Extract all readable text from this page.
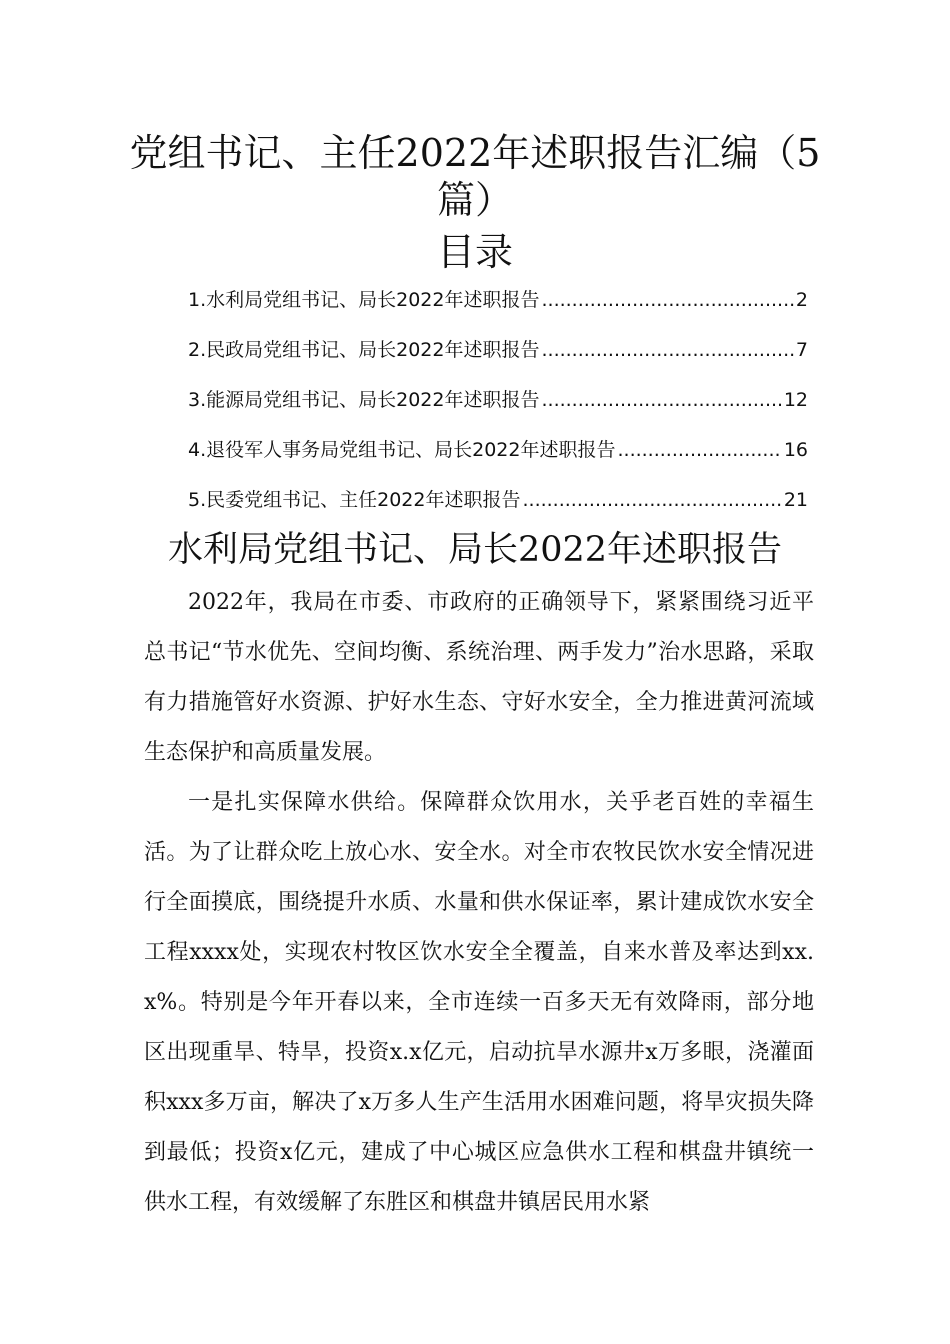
党组书记、主任2022年述职报告汇编（5
篇）
目录
1.水利局党组书记、局长2022年述职报告 .....	2
2.民政局党组书记、局长2022年述职报告 .....	7
3.能源局党组书记、局长2022年述职报告 .....	12
4.退役军人事务局党组书记、局长2022年述职报告 .....	16
5.民委党组书记、主任2022年述职报告 .....	21
水利局党组书记、局长2022年述职报告

2022年，我局在市委、市政府的正确领导下，紧紧围绕习近平总书记“节水优先、空间均衡、系统治理、两手发力”治水思路，采取有力措施管好水资源、护好水生态、守好水安全，全力推进黄河流域生态保护和高质量发展。

一是扎实保障水供给。保障群众饮用水，关乎老百姓的幸福生活。为了让群众吃上放心水、安全水。对全市农牧民饮水安全情况进行全面摸底，围绕提升水质、水量和供水保证率，累计建成饮水安全工程xxxx处，实现农村牧区饮水安全全覆盖，自来水普及率达到xx.x%。特别是今年开春以来，全市连续一百多天无有效降雨，部分地区出现重旱、特旱，投资x.x亿元，启动抗旱水源井x万多眼，浇灌面积xxx多万亩，解决了x万多人生产生活用水困难问题，将旱灾损失降到最低；投资x亿元，建成了中心城区应急供水工程和棋盘井镇统一供水工程，有效缓解了东胜区和棋盘井镇居民用水紧
